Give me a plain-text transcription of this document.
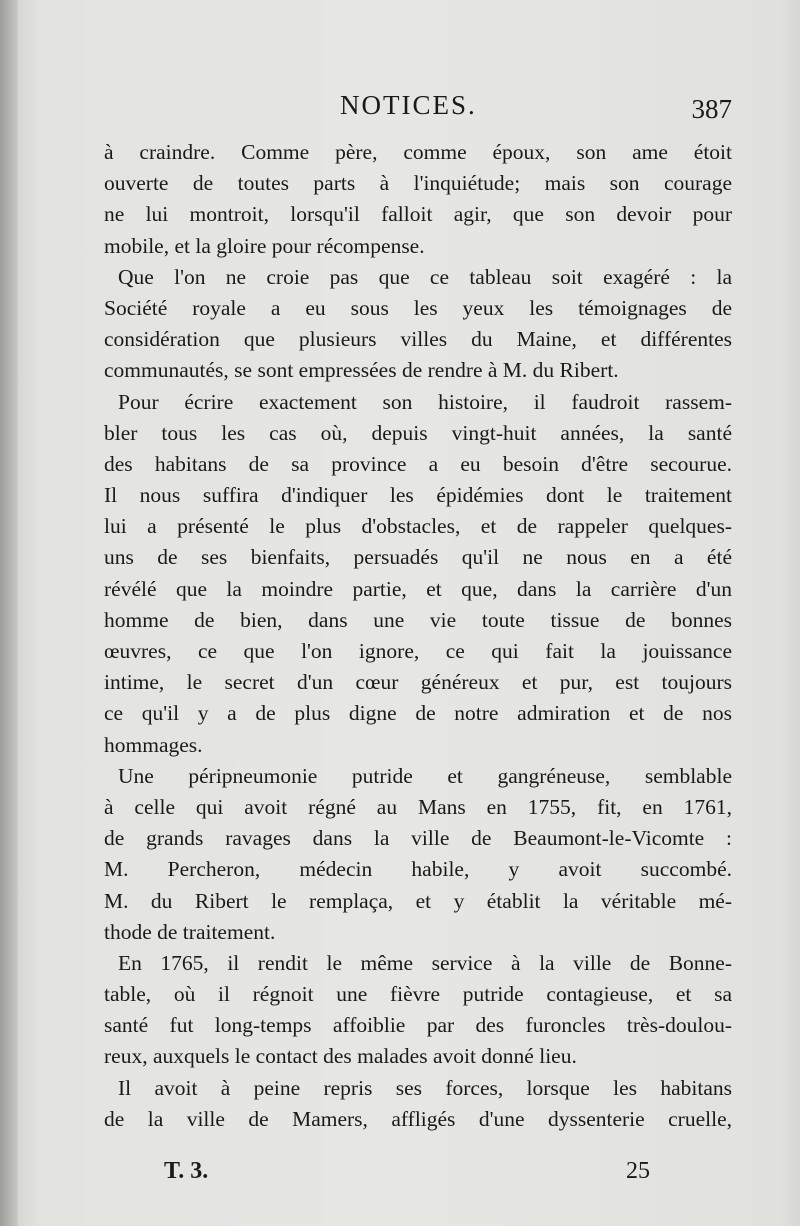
NOTICES.	387
à craindre. Comme père, comme époux, son ame étoit
ouverte de toutes parts à l'inquiétude; mais son courage
ne lui montroit, lorsqu'il falloit agir, que son devoir pour
mobile, et la gloire pour récompense.
Que l'on ne croie pas que ce tableau soit exagéré : la
Société royale a eu sous les yeux les témoignages de
considération que plusieurs villes du Maine, et différentes
communautés, se sont empressées de rendre à M. du Ribert.
Pour écrire exactement son histoire, il faudroit rassem-
bler tous les cas où, depuis vingt-huit années, la santé
des habitans de sa province a eu besoin d'être secourue.
Il nous suffira d'indiquer les épidémies dont le traitement
lui a présenté le plus d'obstacles, et de rappeler quelques-
uns de ses bienfaits, persuadés qu'il ne nous en a été
révélé que la moindre partie, et que, dans la carrière d'un
homme de bien, dans une vie toute tissue de bonnes
œuvres, ce que l'on ignore, ce qui fait la jouissance
intime, le secret d'un cœur généreux et pur, est toujours
ce qu'il y a de plus digne de notre admiration et de nos
hommages.
Une péripneumonie putride et gangréneuse, semblable
à celle qui avoit régné au Mans en 1755, fit, en 1761,
de grands ravages dans la ville de Beaumont-le-Vicomte :
M. Percheron, médecin habile, y avoit succombé.
M. du Ribert le remplaça, et y établit la véritable mé-
thode de traitement.
En 1765, il rendit le même service à la ville de Bonne-
table, où il régnoit une fièvre putride contagieuse, et sa
santé fut long-temps affoiblie par des furoncles très-doulou-
reux, auxquels le contact des malades avoit donné lieu.
Il avoit à peine repris ses forces, lorsque les habitans
de la ville de Mamers, affligés d'une dyssenterie cruelle,
T. 3.	25
